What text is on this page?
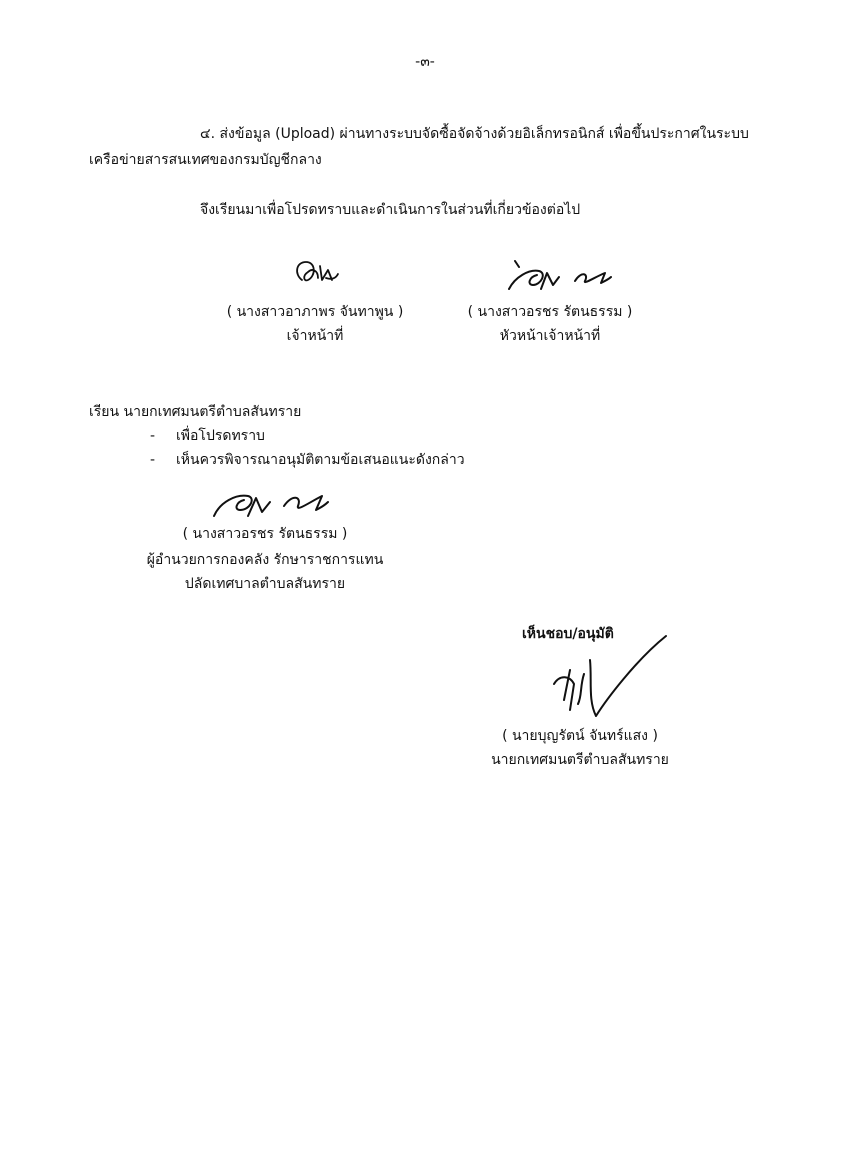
-๓-
๔. ส่งข้อมูล (Upload) ผ่านทางระบบจัดซื้อจัดจ้างด้วยอิเล็กทรอนิกส์ เพื่อขึ้นประกาศในระบบ
เครือข่ายสารสนเทศของกรมบัญชีกลาง
จึงเรียนมาเพื่อโปรดทราบและดำเนินการในส่วนที่เกี่ยวข้องต่อไป
( นางสาวอาภาพร จันทาพูน )
เจ้าหน้าที่
( นางสาวอรชร รัตนธรรม )
หัวหน้าเจ้าหน้าที่
เรียน นายกเทศมนตรีตำบลสันทราย
- เพื่อโปรดทราบ
- เห็นควรพิจารณาอนุมัติตามข้อเสนอแนะดังกล่าว
( นางสาวอรชร รัตนธรรม )
ผู้อำนวยการกองคลัง รักษาราชการแทน
ปลัดเทศบาลตำบลสันทราย
เห็นชอบ/อนุมัติ
( นายบุญรัตน์ จันทร์แสง )
นายกเทศมนตรีตำบลสันทราย
